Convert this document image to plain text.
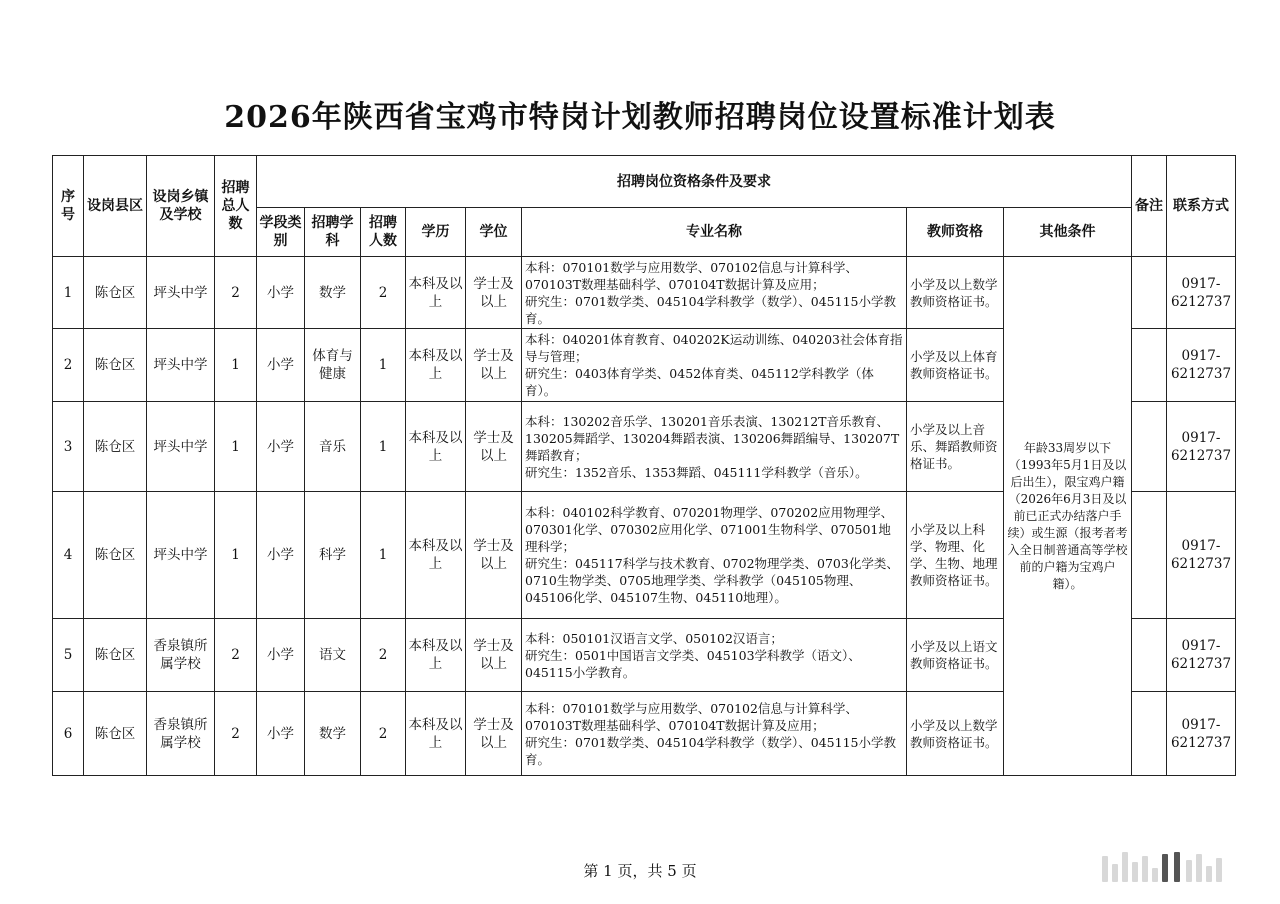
2026年陕西省宝鸡市特岗计划教师招聘岗位设置标准计划表
序号	设岗县区	设岗乡镇及学校	招聘总人数	招聘岗位资格条件及要求								备注	联系方式
				学段类别	招聘学科	招聘人数	学历	学位	专业名称	教师资格	其他条件		
1	陈仓区	坪头中学	2	小学	数学	2	本科及以上	学士及以上	本科：070101数学与应用数学、070102信息与计算科学、070103T数理基础科学、070104T数据计算及应用；
研究生：0701数学类、045104学科教学（数学）、045115小学教育。	小学及以上数学教师资格证书。	年龄33周岁以下（1993年5月1日及以后出生），限宝鸡户籍（2026年6月3日及以前已正式办结落户手续）或生源（报考者考入全日制普通高等学校前的户籍为宝鸡户籍）。		0917-6212737
2	陈仓区	坪头中学	1	小学	体育与健康	1	本科及以上	学士及以上	本科：040201体育教育、040202K运动训练、040203社会体育指导与管理；
研究生：0403体育学类、0452体育类、045112学科教学（体育）。	小学及以上体育教师资格证书。			0917-6212737
3	陈仓区	坪头中学	1	小学	音乐	1	本科及以上	学士及以上	本科：130202音乐学、130201音乐表演、130212T音乐教育、130205舞蹈学、130204舞蹈表演、130206舞蹈编导、130207T舞蹈教育；
研究生：1352音乐、1353舞蹈、045111学科教学（音乐）。	小学及以上音乐、舞蹈教师资格证书。			0917-6212737
4	陈仓区	坪头中学	1	小学	科学	1	本科及以上	学士及以上	本科：040102科学教育、070201物理学、070202应用物理学、070301化学、070302应用化学、071001生物科学、070501地理科学；
研究生：045117科学与技术教育、0702物理学类、0703化学类、0710生物学类、0705地理学类、学科教学（045105物理、045106化学、045107生物、045110地理）。	小学及以上科学、物理、化学、生物、地理教师资格证书。			0917-6212737
5	陈仓区	香泉镇所属学校	2	小学	语文	2	本科及以上	学士及以上	本科：050101汉语言文学、050102汉语言；
研究生：0501中国语言文学类、045103学科教学（语文）、045115小学教育。	小学及以上语文教师资格证书。			0917-6212737
6	陈仓区	香泉镇所属学校	2	小学	数学	2	本科及以上	学士及以上	本科：070101数学与应用数学、070102信息与计算科学、070103T数理基础科学、070104T数据计算及应用；
研究生：0701数学类、045104学科教学（数学）、045115小学教育。	小学及以上数学教师资格证书。			0917-6212737
第 1 页，共 5 页
